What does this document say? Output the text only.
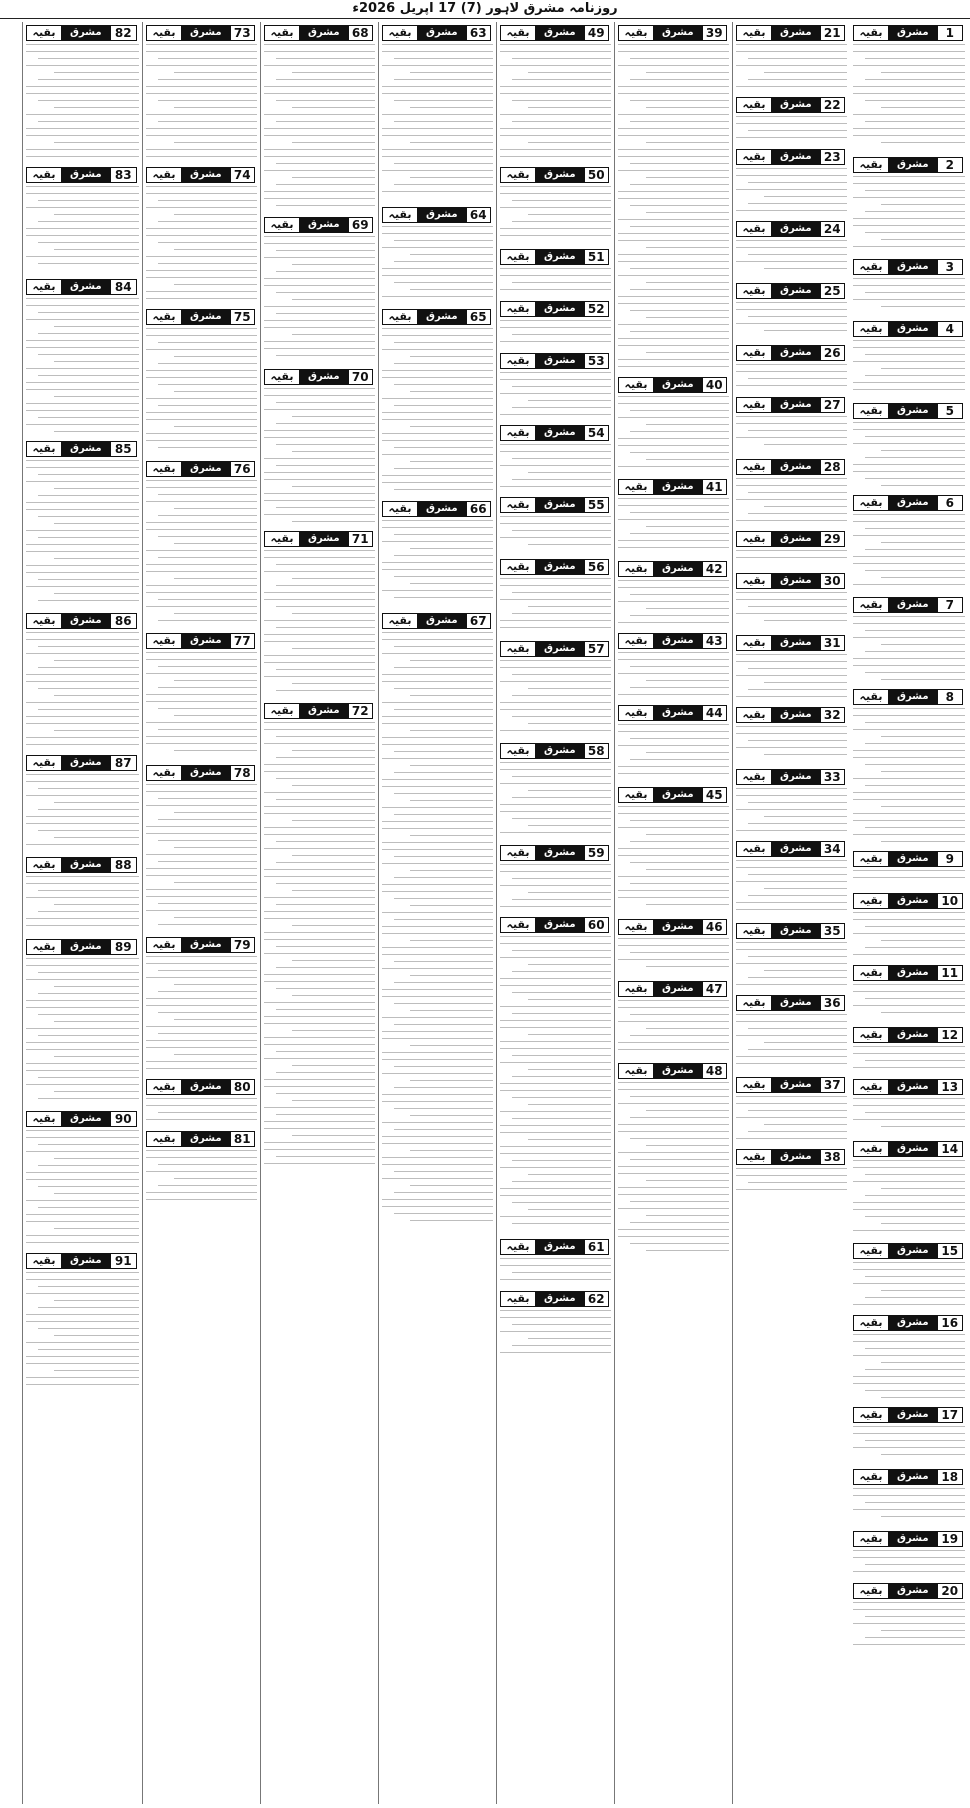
روزنامہ مشرق لاہور (7) 17 اپریل 2026ء
بقیہ	مشرق	1
بقیہ	مشرق	2
بقیہ	مشرق	3
بقیہ	مشرق	4
بقیہ	مشرق	5
بقیہ	مشرق	6
بقیہ	مشرق	7
بقیہ	مشرق	8
بقیہ	مشرق	9
بقیہ	مشرق	10
بقیہ	مشرق	11
بقیہ	مشرق	12
بقیہ	مشرق	13
بقیہ	مشرق	14
بقیہ	مشرق	15
بقیہ	مشرق	16
بقیہ	مشرق	17
بقیہ	مشرق	18
بقیہ	مشرق	19
بقیہ	مشرق	20
بقیہ	مشرق	21
بقیہ	مشرق	22
بقیہ	مشرق	23
بقیہ	مشرق	24
بقیہ	مشرق	25
بقیہ	مشرق	26
بقیہ	مشرق	27
بقیہ	مشرق	28
بقیہ	مشرق	29
بقیہ	مشرق	30
بقیہ	مشرق	31
بقیہ	مشرق	32
بقیہ	مشرق	33
بقیہ	مشرق	34
بقیہ	مشرق	35
بقیہ	مشرق	36
بقیہ	مشرق	37
بقیہ	مشرق	38
بقیہ	مشرق	39
بقیہ	مشرق	40
بقیہ	مشرق	41
بقیہ	مشرق	42
بقیہ	مشرق	43
بقیہ	مشرق	44
بقیہ	مشرق	45
بقیہ	مشرق	46
بقیہ	مشرق	47
بقیہ	مشرق	48
بقیہ	مشرق	49
بقیہ	مشرق	50
بقیہ	مشرق	51
بقیہ	مشرق	52
بقیہ	مشرق	53
بقیہ	مشرق	54
بقیہ	مشرق	55
بقیہ	مشرق	56
بقیہ	مشرق	57
بقیہ	مشرق	58
بقیہ	مشرق	59
بقیہ	مشرق	60
بقیہ	مشرق	61
بقیہ	مشرق	62
بقیہ	مشرق	63
بقیہ	مشرق	64
بقیہ	مشرق	65
بقیہ	مشرق	66
بقیہ	مشرق	67
بقیہ	مشرق	68
بقیہ	مشرق	69
بقیہ	مشرق	70
بقیہ	مشرق	71
بقیہ	مشرق	72
بقیہ	مشرق	73
بقیہ	مشرق	74
بقیہ	مشرق	75
بقیہ	مشرق	76
بقیہ	مشرق	77
بقیہ	مشرق	78
بقیہ	مشرق	79
بقیہ	مشرق	80
بقیہ	مشرق	81
بقیہ	مشرق	82
بقیہ	مشرق	83
بقیہ	مشرق	84
بقیہ	مشرق	85
بقیہ	مشرق	86
بقیہ	مشرق	87
بقیہ	مشرق	88
بقیہ	مشرق	89
بقیہ	مشرق	90
بقیہ	مشرق	91
